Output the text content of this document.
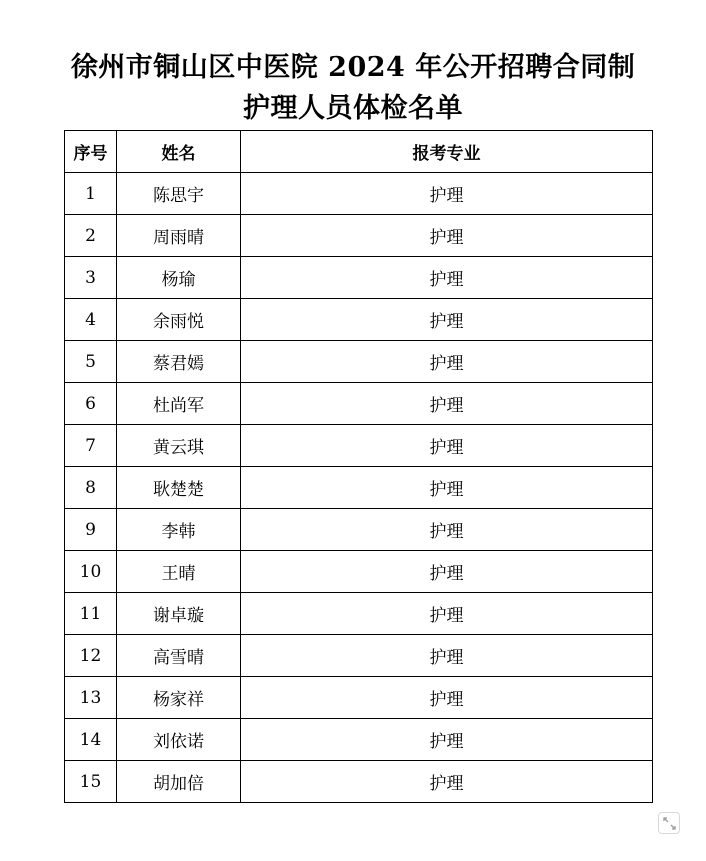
徐州市铜山区中医院 2024 年公开招聘合同制
护理人员体检名单
序号	姓名	报考专业
1	陈思宇	护理
2	周雨晴	护理
3	杨瑜	护理
4	余雨悦	护理
5	蔡君嫣	护理
6	杜尚军	护理
7	黄云琪	护理
8	耿楚楚	护理
9	李韩	护理
10	王晴	护理
11	谢卓璇	护理
12	高雪晴	护理
13	杨家祥	护理
14	刘依诺	护理
15	胡加倍	护理
